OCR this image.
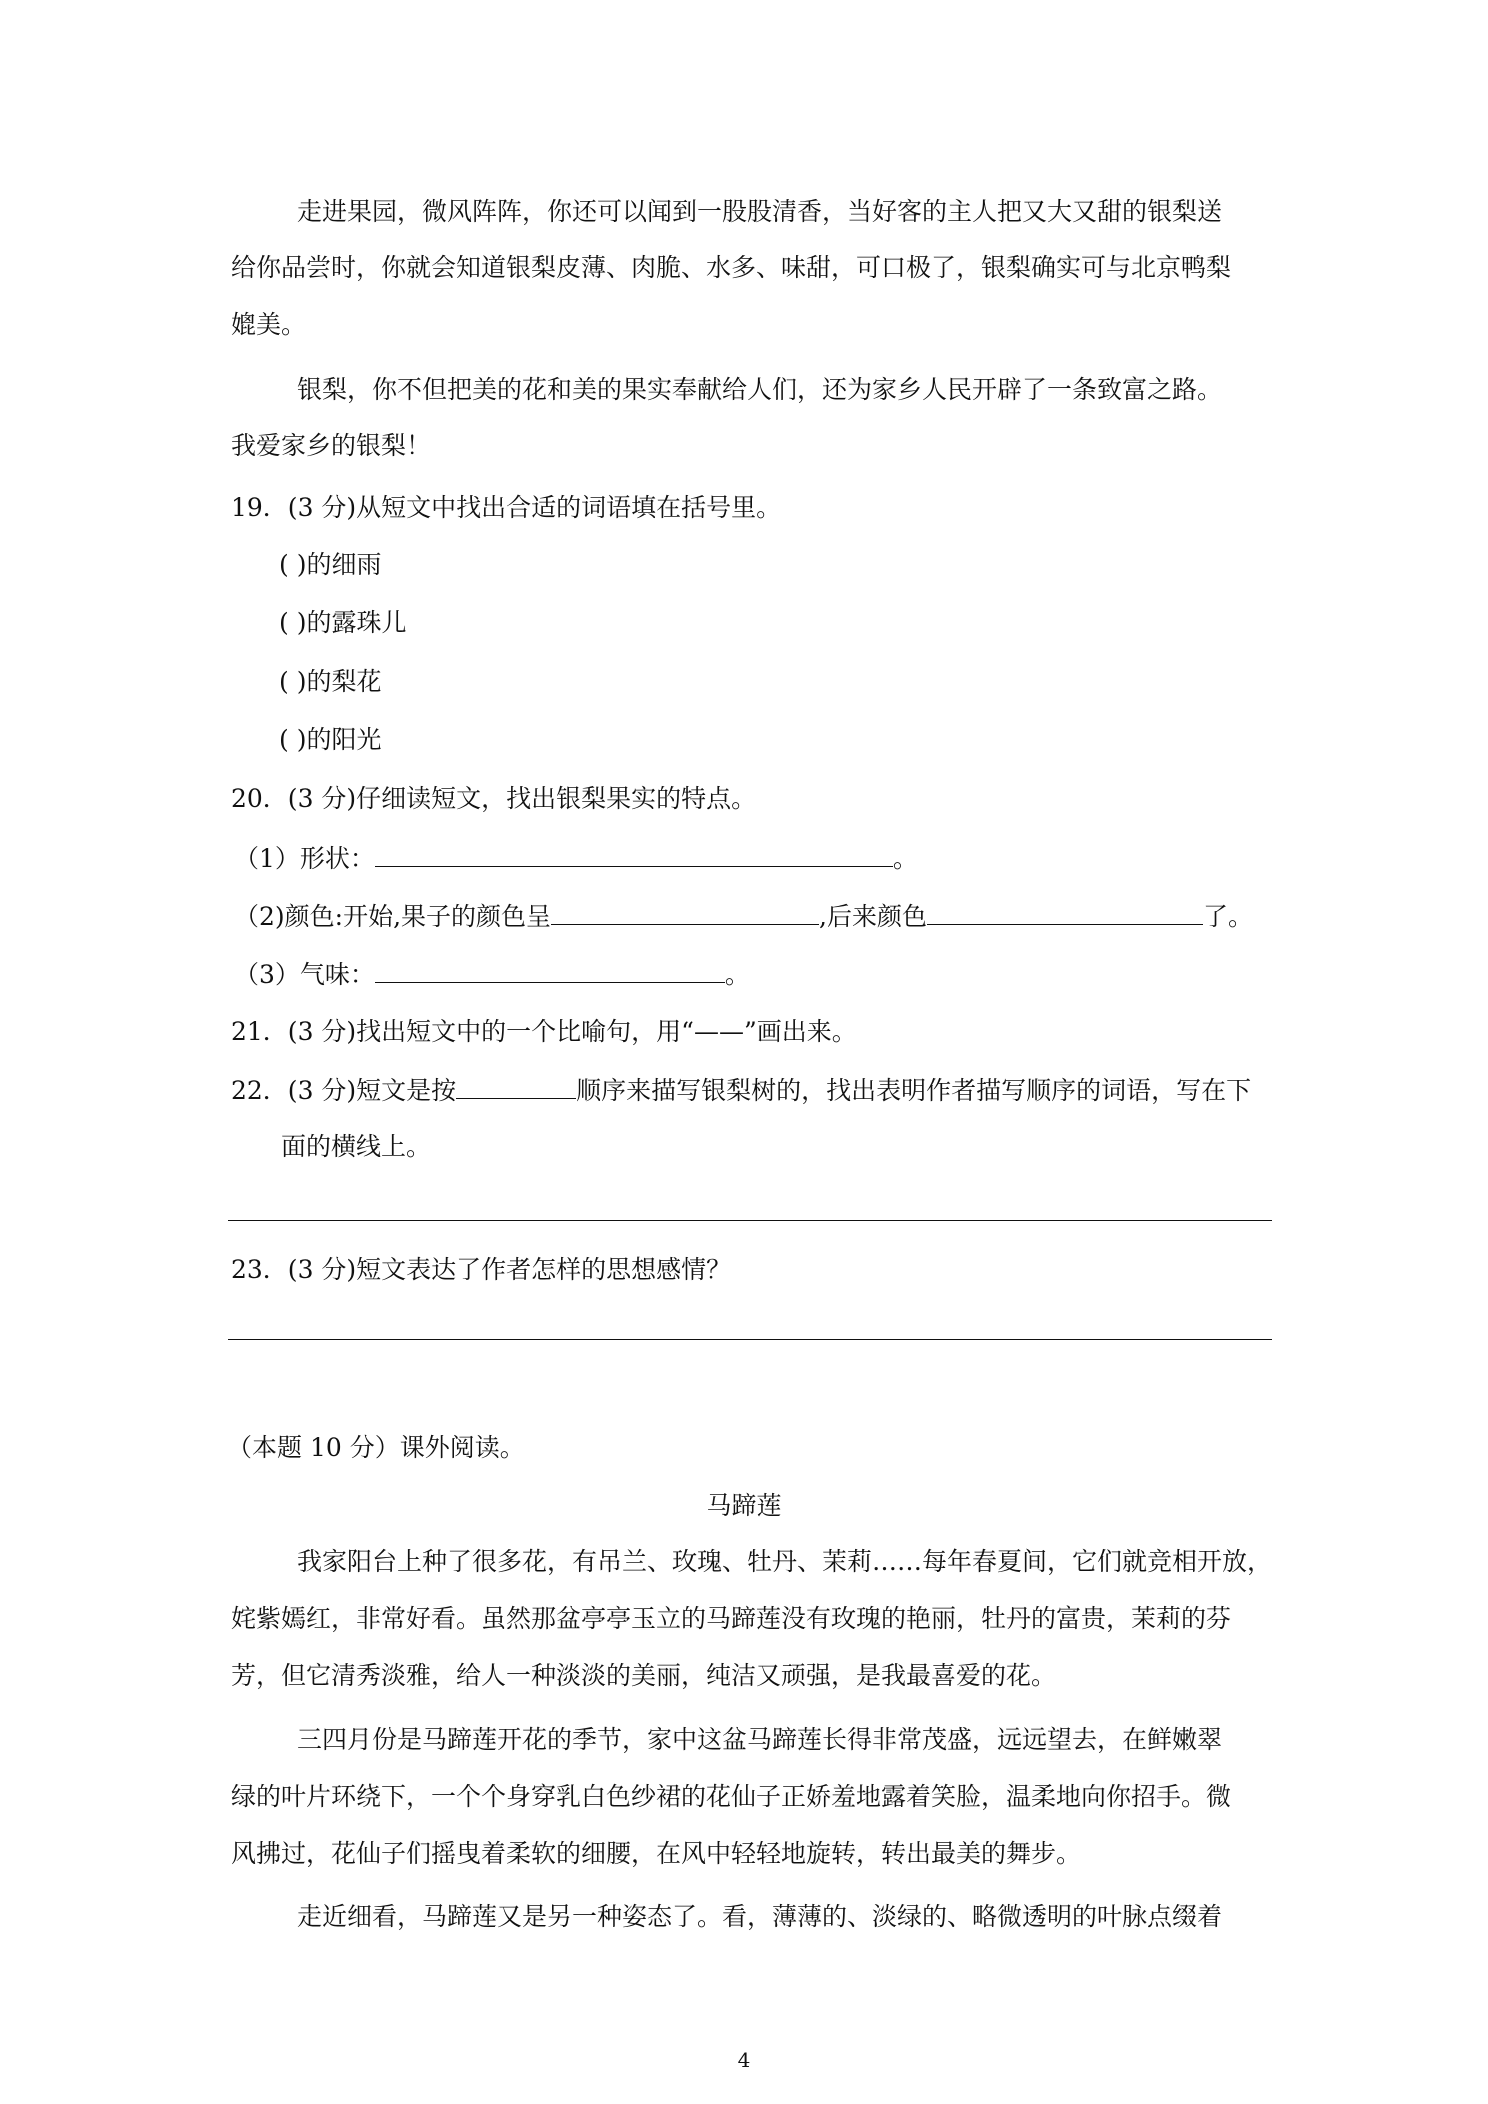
走进果园，微风阵阵，你还可以闻到一股股清香，当好客的主人把又大又甜的银梨送
给你品尝时，你就会知道银梨皮薄、肉脆、水多、味甜，可口极了，银梨确实可与北京鸭梨
媲美。
银梨，你不但把美的花和美的果实奉献给人们，还为家乡人民开辟了一条致富之路。
我爱家乡的银梨！
19．(3 分)从短文中找出合适的词语填在括号里。
( )的细雨
( )的露珠儿
( )的梨花
( )的阳光
20．(3 分)仔细读短文，找出银梨果实的特点。
（1）形状：	。
（2)颜色:开始,果子的颜色呈	,后来颜色	了。
（3）气味：	。
21．(3 分)找出短文中的一个比喻句，用“——”画出来。
22．(3 分)短文是按	顺序来描写银梨树的，找出表明作者描写顺序的词语，写在下
面的横线上。
23．(3 分)短文表达了作者怎样的思想感情？
（本题 10 分）课外阅读。
马蹄莲
我家阳台上种了很多花，有吊兰、玫瑰、牡丹、茉莉……每年春夏间，它们就竞相开放，
姹紫嫣红，非常好看。虽然那盆亭亭玉立的马蹄莲没有玫瑰的艳丽，牡丹的富贵，茉莉的芬
芳，但它清秀淡雅，给人一种淡淡的美丽，纯洁又顽强，是我最喜爱的花。
三四月份是马蹄莲开花的季节，家中这盆马蹄莲长得非常茂盛，远远望去，在鲜嫩翠
绿的叶片环绕下，一个个身穿乳白色纱裙的花仙子正娇羞地露着笑脸，温柔地向你招手。微
风拂过，花仙子们摇曳着柔软的细腰，在风中轻轻地旋转，转出最美的舞步。
走近细看，马蹄莲又是另一种姿态了。看，薄薄的、淡绿的、略微透明的叶脉点缀着
4
